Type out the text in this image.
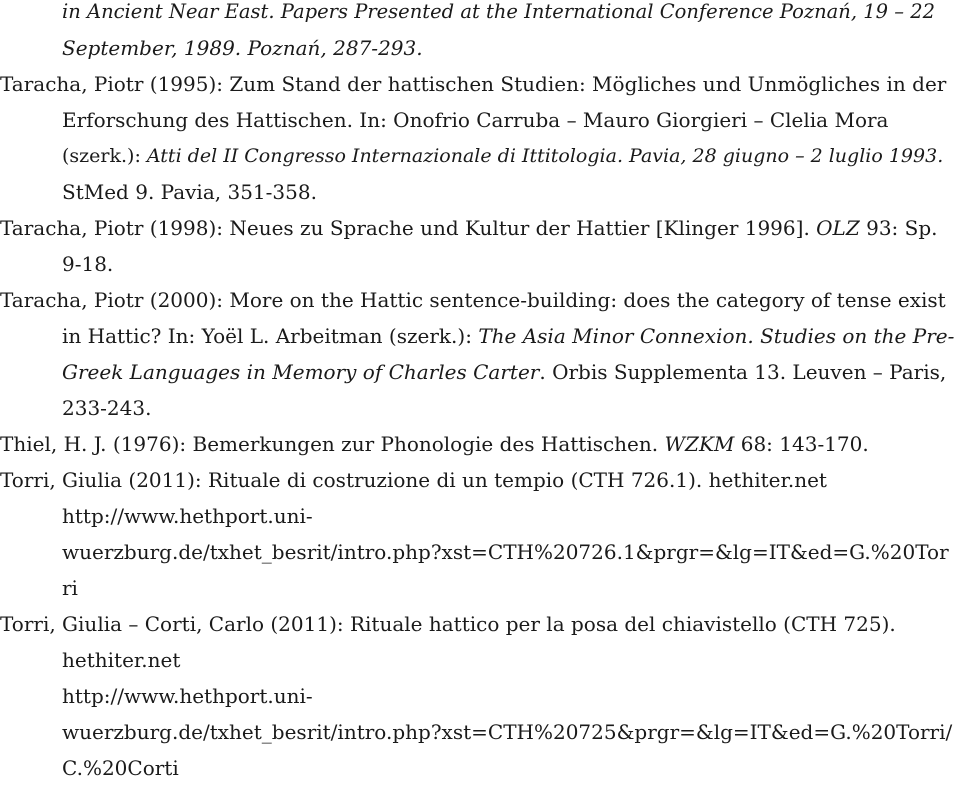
in Ancient Near East. Papers Presented at the International Conference Poznań, 19 – 22
September, 1989. Poznań, 287-293.
Taracha, Piotr (1995): Zum Stand der hattischen Studien: Mögliches und Unmögliches in der
Erforschung des Hattischen. In: Onofrio Carruba – Mauro Giorgieri – Clelia Mora
(szerk.): Atti del II Congresso Internazionale di Ittitologia. Pavia, 28 giugno – 2 luglio 1993.
StMed 9. Pavia, 351-358.
Taracha, Piotr (1998): Neues zu Sprache und Kultur der Hattier [Klinger 1996]. OLZ 93: Sp.
9-18.
Taracha, Piotr (2000): More on the Hattic sentence-building: does the category of tense exist
in Hattic? In: Yoël L. Arbeitman (szerk.): The Asia Minor Connexion. Studies on the Pre-
Greek Languages in Memory of Charles Carter. Orbis Supplementa 13. Leuven – Paris,
233-243.
Thiel, H. J. (1976): Bemerkungen zur Phonologie des Hattischen. WZKM 68: 143-170.
Torri, Giulia (2011): Rituale di costruzione di un tempio (CTH 726.1). hethiter.net
http://www.hethport.uni-
wuerzburg.de/txhet_besrit/intro.php?xst=CTH%20726.1&prgr=&lg=IT&ed=G.%20Tor
ri
Torri, Giulia – Corti, Carlo (2011): Rituale hattico per la posa del chiavistello (CTH 725).
hethiter.net
http://www.hethport.uni-
wuerzburg.de/txhet_besrit/intro.php?xst=CTH%20725&prgr=&lg=IT&ed=G.%20Torri/
C.%20Corti
